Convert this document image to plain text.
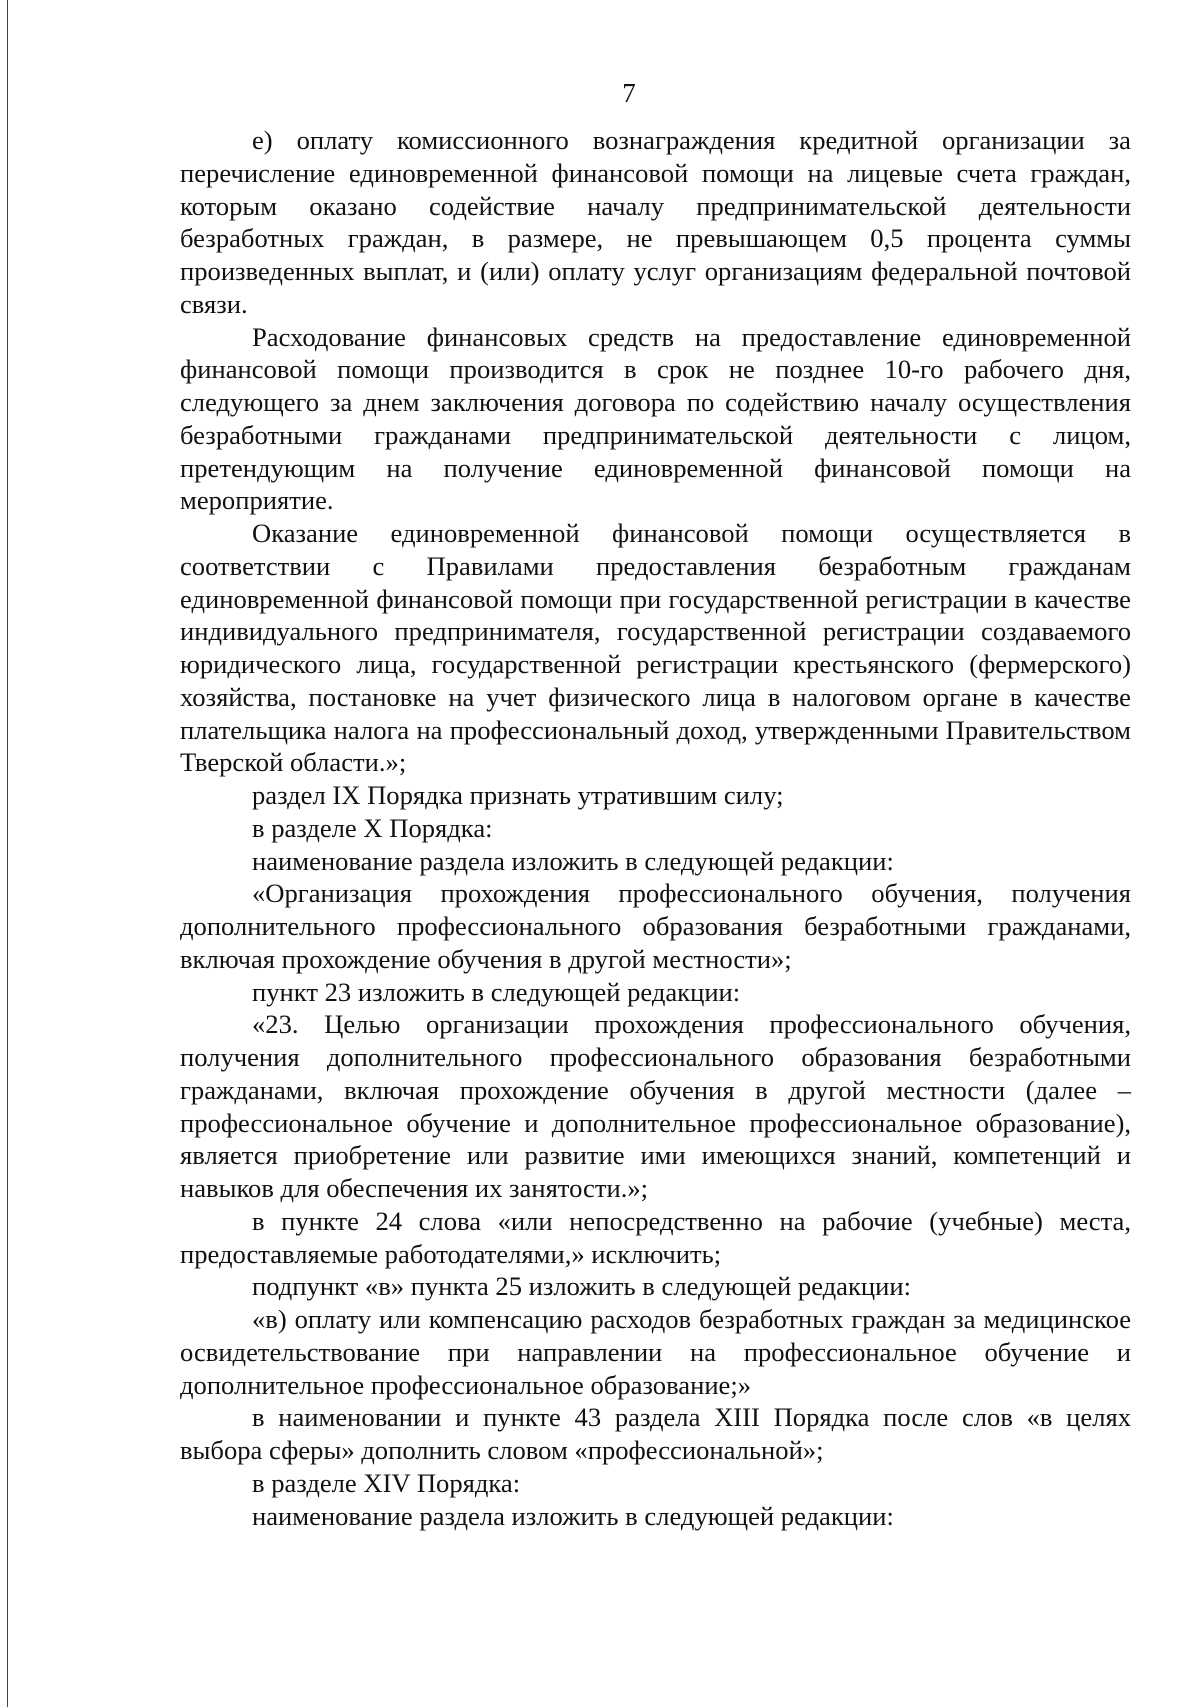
7

е) оплату комиссионного вознаграждения кредитной организации за перечисление единовременной финансовой помощи на лицевые счета граждан, которым оказано содействие началу предпринимательской деятельности безработных граждан, в размере, не превышающем 0,5 процента суммы произведенных выплат, и (или) оплату услуг организациям федеральной почтовой связи.

Расходование финансовых средств на предоставление единовременной финансовой помощи производится в срок не позднее 10-го рабочего дня, следующего за днем заключения договора по содействию началу осуществления безработными гражданами предпринимательской деятельности с лицом, претендующим на получение единовременной финансовой помощи на мероприятие.

Оказание единовременной финансовой помощи осуществляется в соответствии с Правилами предоставления безработным гражданам единовременной финансовой помощи при государственной регистрации в качестве индивидуального предпринимателя, государственной регистрации создаваемого юридического лица, государственной регистрации крестьянского (фермерского) хозяйства, постановке на учет физического лица в налоговом органе в качестве плательщика налога на профессиональный доход, утвержденными Правительством Тверской области.»;

раздел IX Порядка признать утратившим силу;

в разделе X Порядка:

наименование раздела изложить в следующей редакции:

«Организация прохождения профессионального обучения, получения дополнительного профессионального образования безработными гражданами, включая прохождение обучения в другой местности»;

пункт 23 изложить в следующей редакции:

«23. Целью организации прохождения профессионального обучения, получения дополнительного профессионального образования безработными гражданами, включая прохождение обучения в другой местности (далее – профессиональное обучение и дополнительное профессиональное образование), является приобретение или развитие ими имеющихся знаний, компетенций и навыков для обеспечения их занятости.»;

в пункте 24 слова «или непосредственно на рабочие (учебные) места, предоставляемые работодателями,» исключить;

подпункт «в» пункта 25 изложить в следующей редакции:

«в) оплату или компенсацию расходов безработных граждан за медицинское освидетельствование при направлении на профессиональное обучение и дополнительное профессиональное образование;»

в наименовании и пункте 43 раздела XIII Порядка после слов «в целях выбора сферы» дополнить словом «профессиональной»;

в разделе XIV Порядка:

наименование раздела изложить в следующей редакции:
